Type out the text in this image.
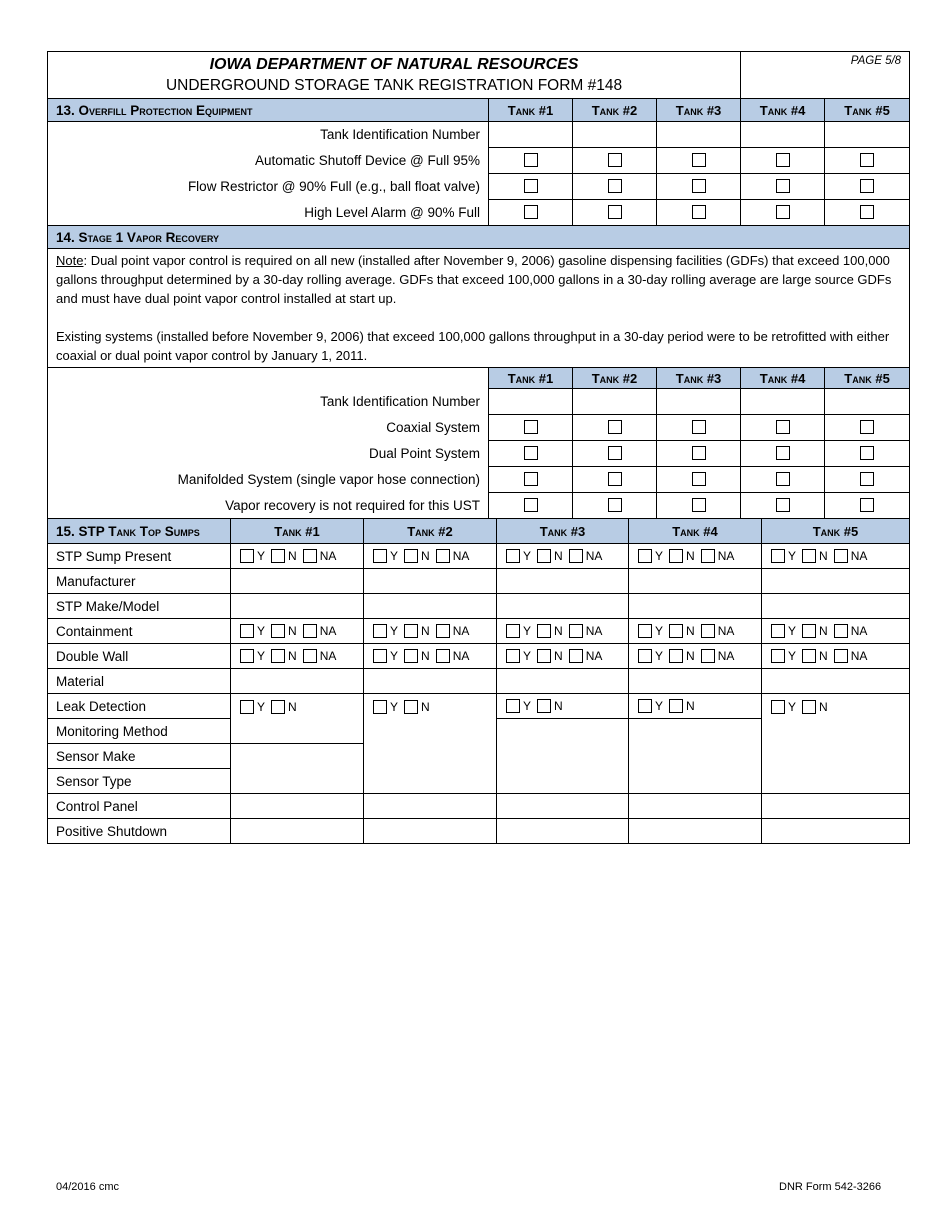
IOWA DEPARTMENT OF NATURAL RESOURCES
UNDERGROUND STORAGE TANK REGISTRATION FORM #148				PAGE 5/8	
13. Overfill Protection Equipment	Tank #1	Tank #2	Tank #3	Tank #4	Tank #5
Tank Identification Number					
Automatic Shutoff Device @ Full 95%					
Flow Restrictor @ 90% Full (e.g., ball float valve)					
High Level Alarm @ 90% Full					
14. Stage 1 Vapor Recovery					

Note: Dual point vapor control is required on all new (installed after November 9, 2006) gasoline dispensing facilities (GDFs) that exceed 100,000 gallons throughput determined by a 30-day rolling average. GDFs that exceed 100,000 gallons in a 30-day rolling average are large source GDFs and must have dual point vapor control installed at start up.

Existing systems (installed before November 9, 2006) that exceed 100,000 gallons throughput in a 30-day period were to be retrofitted with either coaxial or dual point vapor control by January 1, 2011.					

	Tank #1	Tank #2	Tank #3	Tank #4	Tank #5
Tank Identification Number					
Coaxial System					
Dual Point System					
Manifolded System (single vapor hose connection)					
Vapor recovery is not required for this UST					
15. STP Tank Top Sumps	Tank #1	Tank #2	Tank #3	Tank #4	Tank #5
STP Sump Present	Y N NA	Y N NA	Y N NA	Y N NA	Y N NA
Manufacturer					
STP Make/Model					
Containment	Y N NA	Y N NA	Y N NA	Y N NA	Y N NA
Double Wall	Y N NA	Y N NA	Y N NA	Y N NA	Y N NA
Material					
Leak Detection	Y N	Y N	Y N	Y N	Y N
Monitoring Method					
Sensor Make					
Sensor Type					
Control Panel					
Positive Shutdown					
04/2016 cmc	DNR Form 542-3266
